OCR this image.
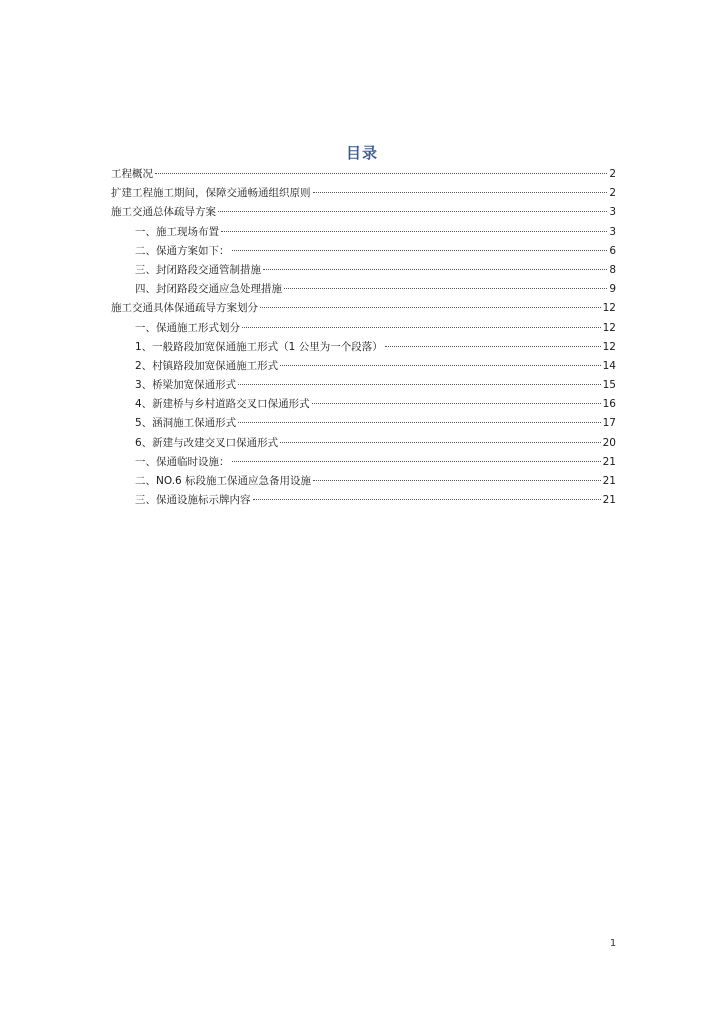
目录
工程概况	2
扩建工程施工期间，保障交通畅通组织原则	2
施工交通总体疏导方案	3
一、施工现场布置	3
二、保通方案如下：	6
三、封闭路段交通管制措施	8
四、封闭路段交通应急处理措施	9
施工交通具体保通疏导方案划分	12
一、保通施工形式划分	12
1、一般路段加宽保通施工形式（1 公里为一个段落）	12
2、村镇路段加宽保通施工形式	14
3、桥梁加宽保通形式	15
4、新建桥与乡村道路交叉口保通形式	16
5、涵洞施工保通形式	17
6、新建与改建交叉口保通形式	20
一、保通临时设施：	21
二、NO.6 标段施工保通应急备用设施	21
三、保通设施标示牌内容	21
1
